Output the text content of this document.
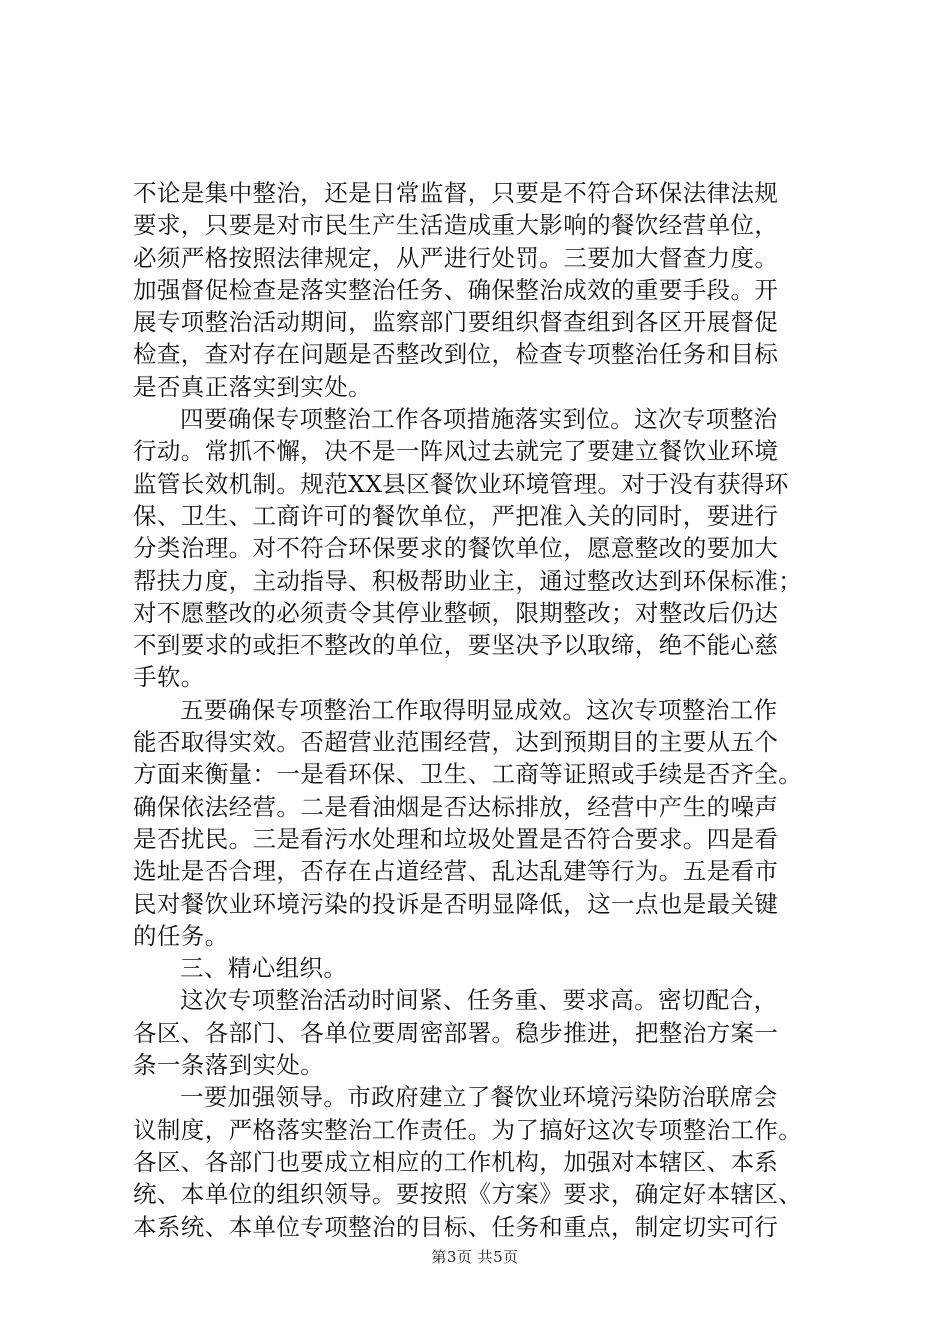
不论是集中整治，还是日常监督，只要是不符合环保法律法规
要求，只要是对市民生产生活造成重大影响的餐饮经营单位，
必须严格按照法律规定，从严进行处罚。三要加大督查力度。
加强督促检查是落实整治任务、确保整治成效的重要手段。开
展专项整治活动期间，监察部门要组织督查组到各区开展督促
检查，查对存在问题是否整改到位，检查专项整治任务和目标
是否真正落实到实处。
四要确保专项整治工作各项措施落实到位。这次专项整治
行动。常抓不懈，决不是一阵风过去就完了要建立餐饮业环境
监管长效机制。规范XX县区餐饮业环境管理。对于没有获得环
保、卫生、工商许可的餐饮单位，严把准入关的同时，要进行
分类治理。对不符合环保要求的餐饮单位，愿意整改的要加大
帮扶力度，主动指导、积极帮助业主，通过整改达到环保标准；
对不愿整改的必须责令其停业整顿，限期整改；对整改后仍达
不到要求的或拒不整改的单位，要坚决予以取缔，绝不能心慈
手软。
五要确保专项整治工作取得明显成效。这次专项整治工作
能否取得实效。否超营业范围经营，达到预期目的主要从五个
方面来衡量：一是看环保、卫生、工商等证照或手续是否齐全。
确保依法经营。二是看油烟是否达标排放，经营中产生的噪声
是否扰民。三是看污水处理和垃圾处置是否符合要求。四是看
选址是否合理，否存在占道经营、乱达乱建等行为。五是看市
民对餐饮业环境污染的投诉是否明显降低，这一点也是最关键
的任务。
三、精心组织。
这次专项整治活动时间紧、任务重、要求高。密切配合，
各区、各部门、各单位要周密部署。稳步推进，把整治方案一
条一条落到实处。
一要加强领导。市政府建立了餐饮业环境污染防治联席会
议制度，严格落实整治工作责任。为了搞好这次专项整治工作。
各区、各部门也要成立相应的工作机构，加强对本辖区、本系
统、本单位的组织领导。要按照《方案》要求，确定好本辖区、
本系统、本单位专项整治的目标、任务和重点，制定切实可行
第3页 共5页
